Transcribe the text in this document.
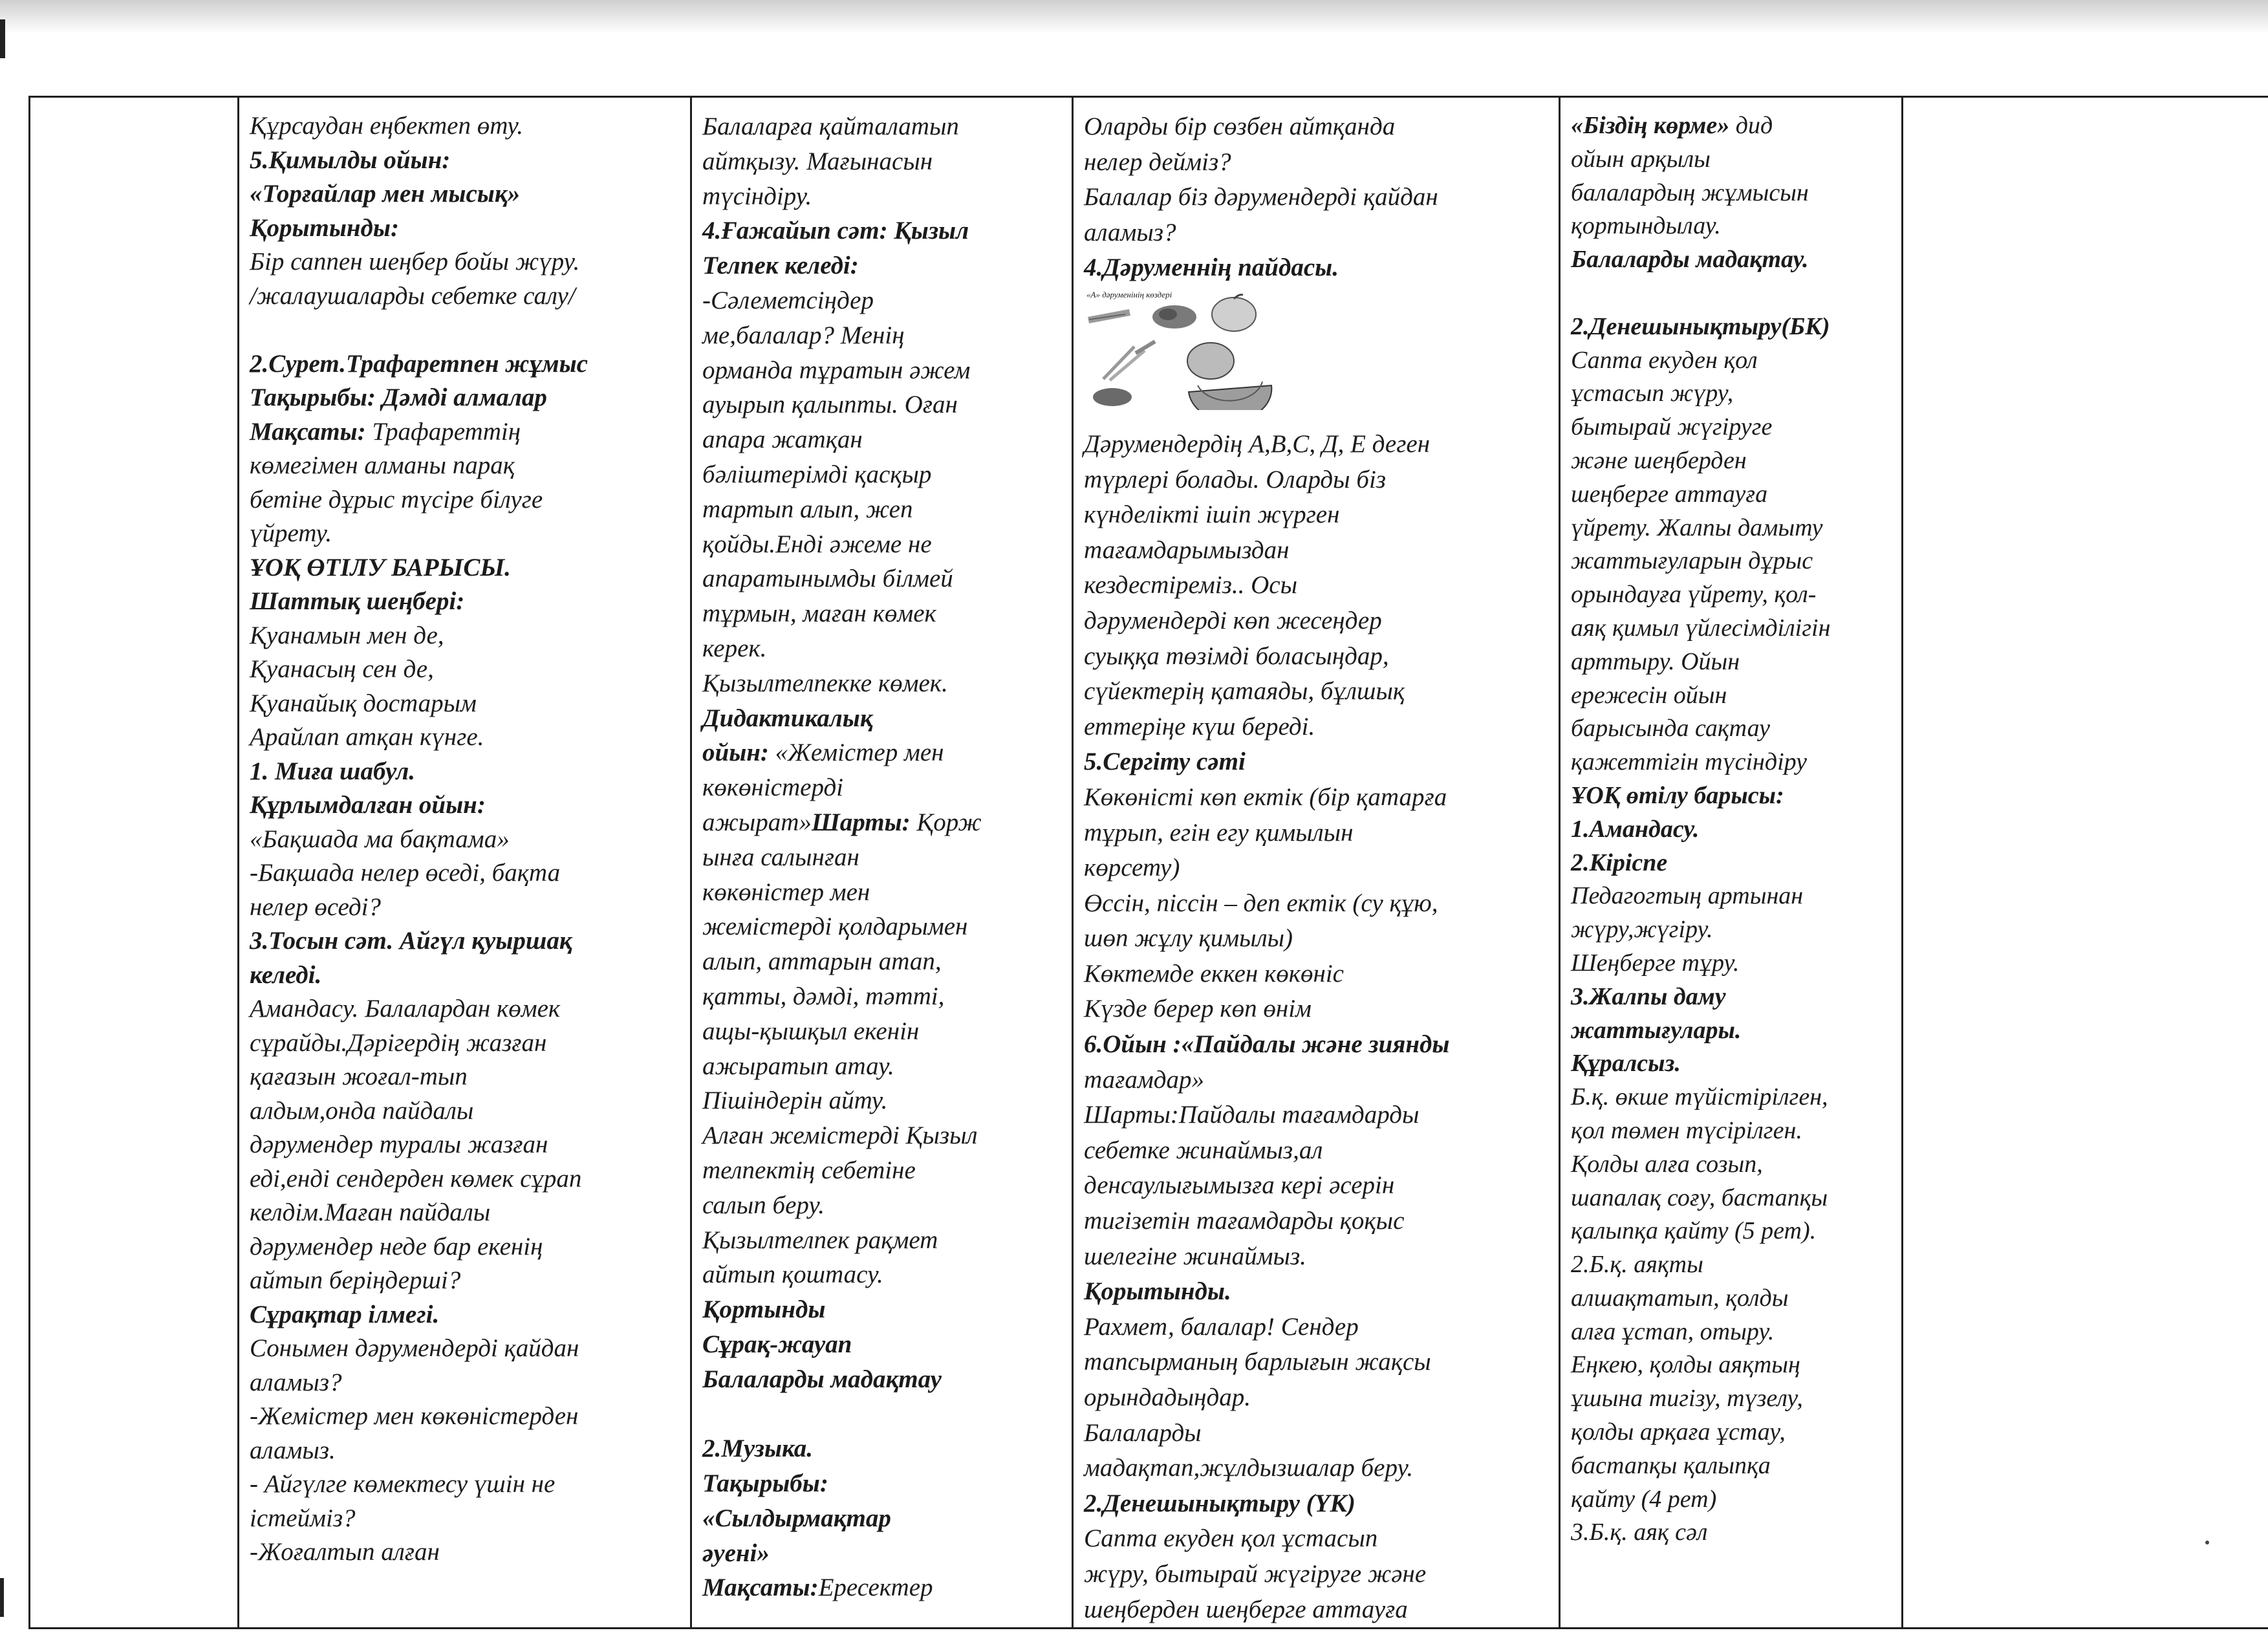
Құрсаудан еңбектеп өту.
5.Қимылды ойын:
«Торғайлар мен мысық»
Қорытынды:
Бір саппен шеңбер бойы жүру.
/жалаушаларды себетке салу/
2.Сурет.Трафаретпен жұмыс
Тақырыбы: Дәмді алмалар
Мақсаты: Трафареттің
көмегімен алманы парақ
бетіне дұрыс түсіре білуге
үйрету.
ҰОҚ ӨТІЛУ БАРЫСЫ.
Шаттық шеңбері:
Қуанамын мен де,
Қуанасың сен де,
Қуанайық достарым
Арайлап атқан күнге.
1. Миға шабул.
Құрлымдалған ойын:
«Бақшада ма бақтама»
-Бақшада нелер өседі, бақта
нелер өседі?
3.Тосын сәт. Айгүл қуыршақ
келеді.
Амандасу. Балалардан көмек
сұрайды.Дәрігердің жазған
қағазын жоғал-тып
алдым,онда пайдалы
дәрумендер туралы жазған
еді,енді сендерден көмек сұрап
келдім.Маған пайдалы
дәрумендер неде бар екенің
айтып беріңдерші?
Сұрақтар ілмегі.
Сонымен дәрумендерді қайдан
аламыз?
-Жемістер мен көкөністерден
аламыз.
- Айгүлге көмектесу үшін не
істейміз?
-Жоғалтып алған

Балаларға қайталатып
айтқызу. Мағынасын
түсіндіру.
4.Ғажайып сәт: Қызыл
Телпек келеді:
-Сәлеметсіңдер
ме,балалар? Менің
орманда тұратын әжем
ауырып қалыпты. Оған
апара жатқан
бәліштерімді қасқыр
тартып алып, жеп
қойды.Енді әжеме не
апаратынымды білмей
тұрмын, маған көмек
керек.
Қызылтелпекке көмек.
Дидактикалық
ойын: «Жемістер мен
көкөністерді
ажырат»Шарты: Қорж
ынға салынған
көкөністер мен
жемістерді қолдарымен
алып, аттарын атап,
қатты, дәмді, тәтті,
ащы-қышқыл екенін
ажыратып атау.
Пішіндерін айту.
Алған жемістерді Қызыл
телпектің себетіне
салып беру.
Қызылтелпек рақмет
айтып қоштасу.
Қортынды
Сұрақ-жауап
Балаларды мадақтау
2.Музыка.
Тақырыбы:
«Сылдырмақтар
әуені»
Мақсаты:Ересектер

Оларды бір сөзбен айтқанда
нелер дейміз?
Балалар біз дәрумендерді қайдан
аламыз?
4.Дәруменнің пайдасы.
«А» дәруменінің көздері
Дәрумендердің А,В,С, Д, Е деген
түрлері болады. Оларды біз
күнделікті ішіп жүрген
тағамдарымыздан
кездестіреміз.. Осы
дәрумендерді көп жесеңдер
суыққа төзімді боласыңдар,
сүйектерің қатаяды, бұлшық
еттеріңе күш береді.
5.Сергіту сәті
Көкөністі көп ектік (бір қатарға
тұрып, егін егу қимылын
көрсету)
Өссін, піссін – деп ектік (су құю,
шөп жұлу қимылы)
Көктемде еккен көкөніс
Күзде берер көп өнім
6.Ойын :«Пайдалы және зиянды
тағамдар»
Шарты:Пайдалы тағамдарды
себетке жинаймыз,ал
денсаулығымызға кері әсерін
тигізетін тағамдарды қоқыс
шелегіне жинаймыз.
Қорытынды.
Рахмет, балалар! Сендер
тапсырманың барлығын жақсы
орындадыңдар.
Балаларды
мадақтап,жұлдызшалар беру.
2.Денешынықтыру (ҮК)
Сапта екуден қол ұстасып
жүру, бытырай жүгіруге және
шеңберден шеңберге аттауға

«Біздің көрме» дид
ойын арқылы
балалардың жұмысын
қортындылау.
Балаларды мадақтау.
2.Денешынықтыру(БК)
Сапта екуден қол
ұстасып жүру,
бытырай жүгіруге
және шеңберден
шеңберге аттауға
үйрету. Жалпы дамыту
жаттығуларын дұрыс
орындауға үйрету, қол-
аяқ қимыл үйлесімділігін
арттыру. Ойын
ережесін ойын
барысында сақтау
қажеттігін түсіндіру
ҰОҚ өтілу барысы:
1.Амандасу.
2.Кіріспе
Педагогтың артынан
жүру,жүгіру.
Шеңберге тұру.
3.Жалпы даму
жаттығулары.
Құралсыз.
Б.қ. өкше түйістірілген,
қол төмен түсірілген.
Қолды алға созып,
шапалақ соғу, бастапқы
қалыпқа қайту (5 рет).
2.Б.қ. аяқты
алшақтатып, қолды
алға ұстап, отыру.
Еңкею, қолды аяқтың
ұшына тигізу, түзелу,
қолды арқаға ұстау,
бастапқы қалыпқа
қайту (4 рет)
3.Б.қ. аяқ сәл
